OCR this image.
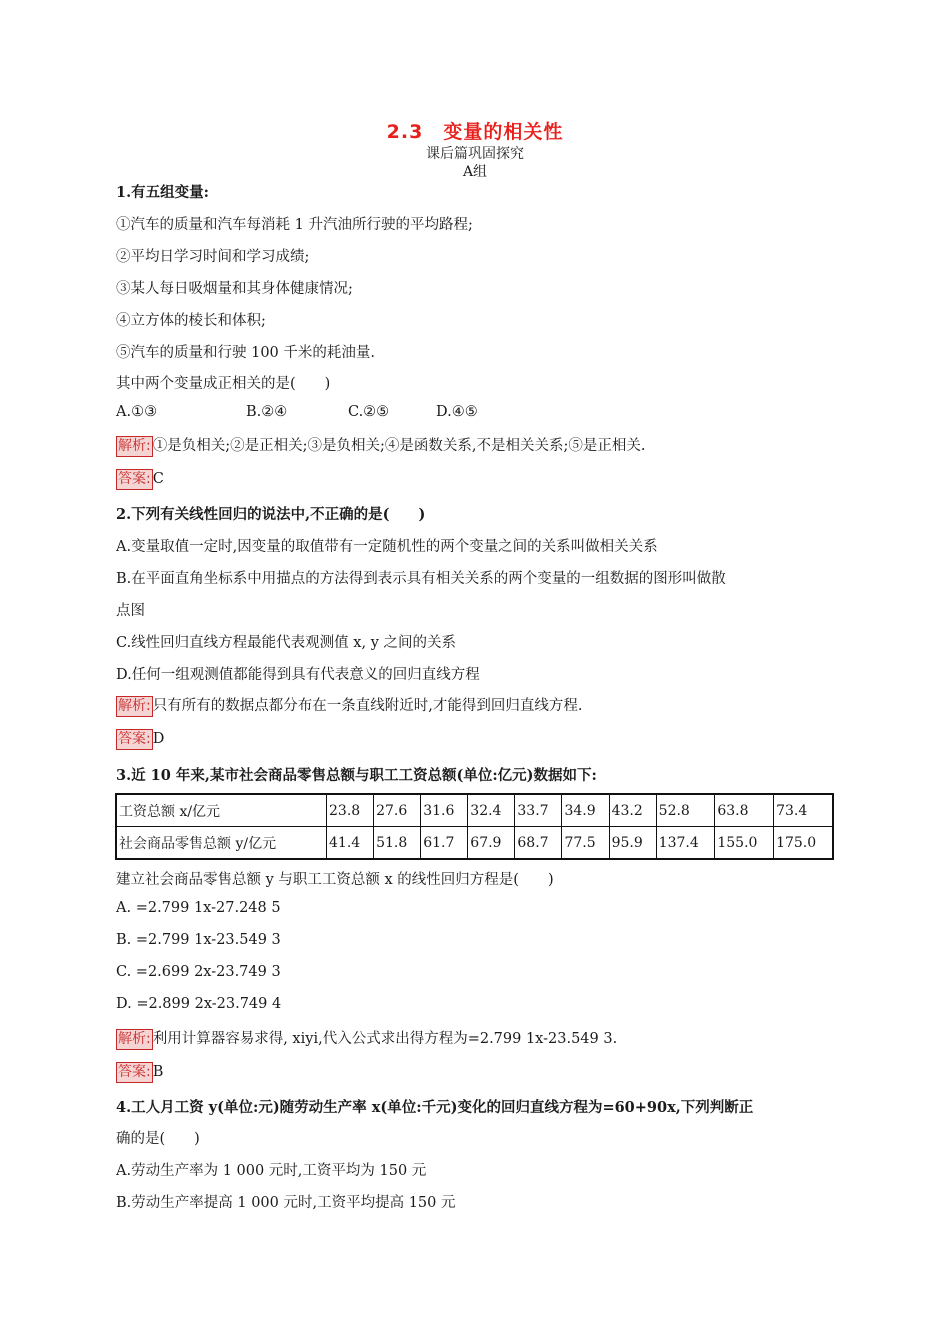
2.3　变量的相关性
课后篇巩固探究
A组
1.有五组变量:
①汽车的质量和汽车每消耗 1 升汽油所行驶的平均路程;
②平均日学习时间和学习成绩;
③某人每日吸烟量和其身体健康情况;
④立方体的棱长和体积;
⑤汽车的质量和行驶 100 千米的耗油量.
其中两个变量成正相关的是(　　)
A.①③	B.②④	C.②⑤	D.④⑤
解析: ①是负相关;②是正相关;③是负相关;④是函数关系,不是相关关系;⑤是正相关.
答案: C
2.下列有关线性回归的说法中,不正确的是(　　)
A.变量取值一定时,因变量的取值带有一定随机性的两个变量之间的关系叫做相关关系
B.在平面直角坐标系中用描点的方法得到表示具有相关关系的两个变量的一组数据的图形叫做散
点图
C.线性回归直线方程最能代表观测值 x, y 之间的关系
D.任何一组观测值都能得到具有代表意义的回归直线方程
解析: 只有所有的数据点都分布在一条直线附近时,才能得到回归直线方程.
答案: D
3.近 10 年来,某市社会商品零售总额与职工工资总额(单位:亿元)数据如下:
工资总额 x/亿元	23.8	27.6	31.6	32.4	33.7	34.9	43.2	52.8	63.8	73.4
社会商品零售总额 y/亿元	41.4	51.8	61.7	67.9	68.7	77.5	95.9	137.4	155.0	175.0
建立社会商品零售总额 y 与职工工资总额 x 的线性回归方程是(　　)
A. =2.799 1x-27.248 5
B. =2.799 1x-23.549 3
C. =2.699 2x-23.749 3
D. =2.899 2x-23.749 4
解析: 利用计算器容易求得, xiyi,代入公式求出得方程为=2.799 1x-23.549 3.
答案: B
4.工人月工资 y(单位:元)随劳动生产率 x(单位:千元)变化的回归直线方程为=60+90x,下列判断正
确的是(　　)
A.劳动生产率为 1 000 元时,工资平均为 150 元
B.劳动生产率提高 1 000 元时,工资平均提高 150 元
